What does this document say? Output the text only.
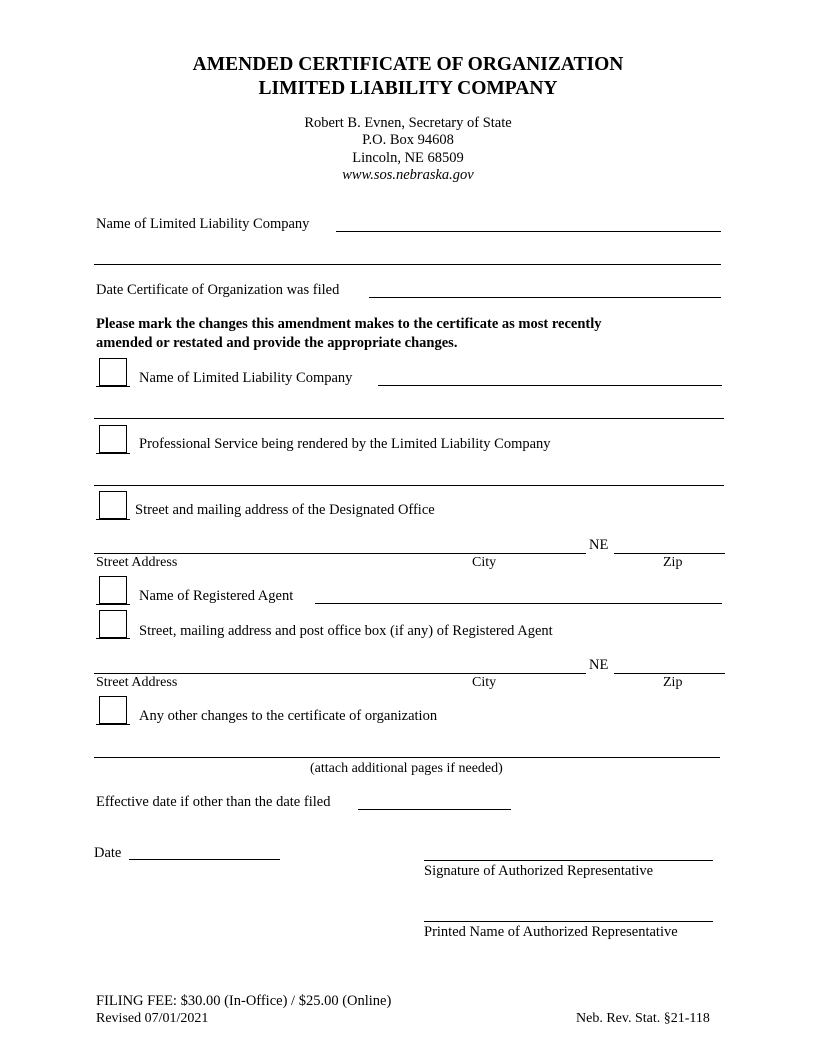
AMENDED CERTIFICATE OF ORGANIZATION
LIMITED LIABILITY COMPANY
Robert B. Evnen, Secretary of State
P.O. Box 94608
Lincoln, NE 68509
www.sos.nebraska.gov
Name of Limited Liability Company
Date Certificate of Organization was filed
Please mark the changes this amendment makes to the certificate as most recently
amended or restated and provide the appropriate changes.
Name of Limited Liability Company
Professional Service being rendered by the Limited Liability Company
Street and mailing address of the Designated Office
NE
Street Address	City	Zip
Name of Registered Agent
Street, mailing address and post office box (if any) of Registered Agent
NE
Street Address	City	Zip
Any other changes to the certificate of organization
(attach additional pages if needed)
Effective date if other than the date filed
Date
Signature of Authorized Representative
Printed Name of Authorized Representative
FILING FEE: $30.00 (In-Office) / $25.00 (Online)
Revised 07/01/2021	Neb. Rev. Stat. §21-118
